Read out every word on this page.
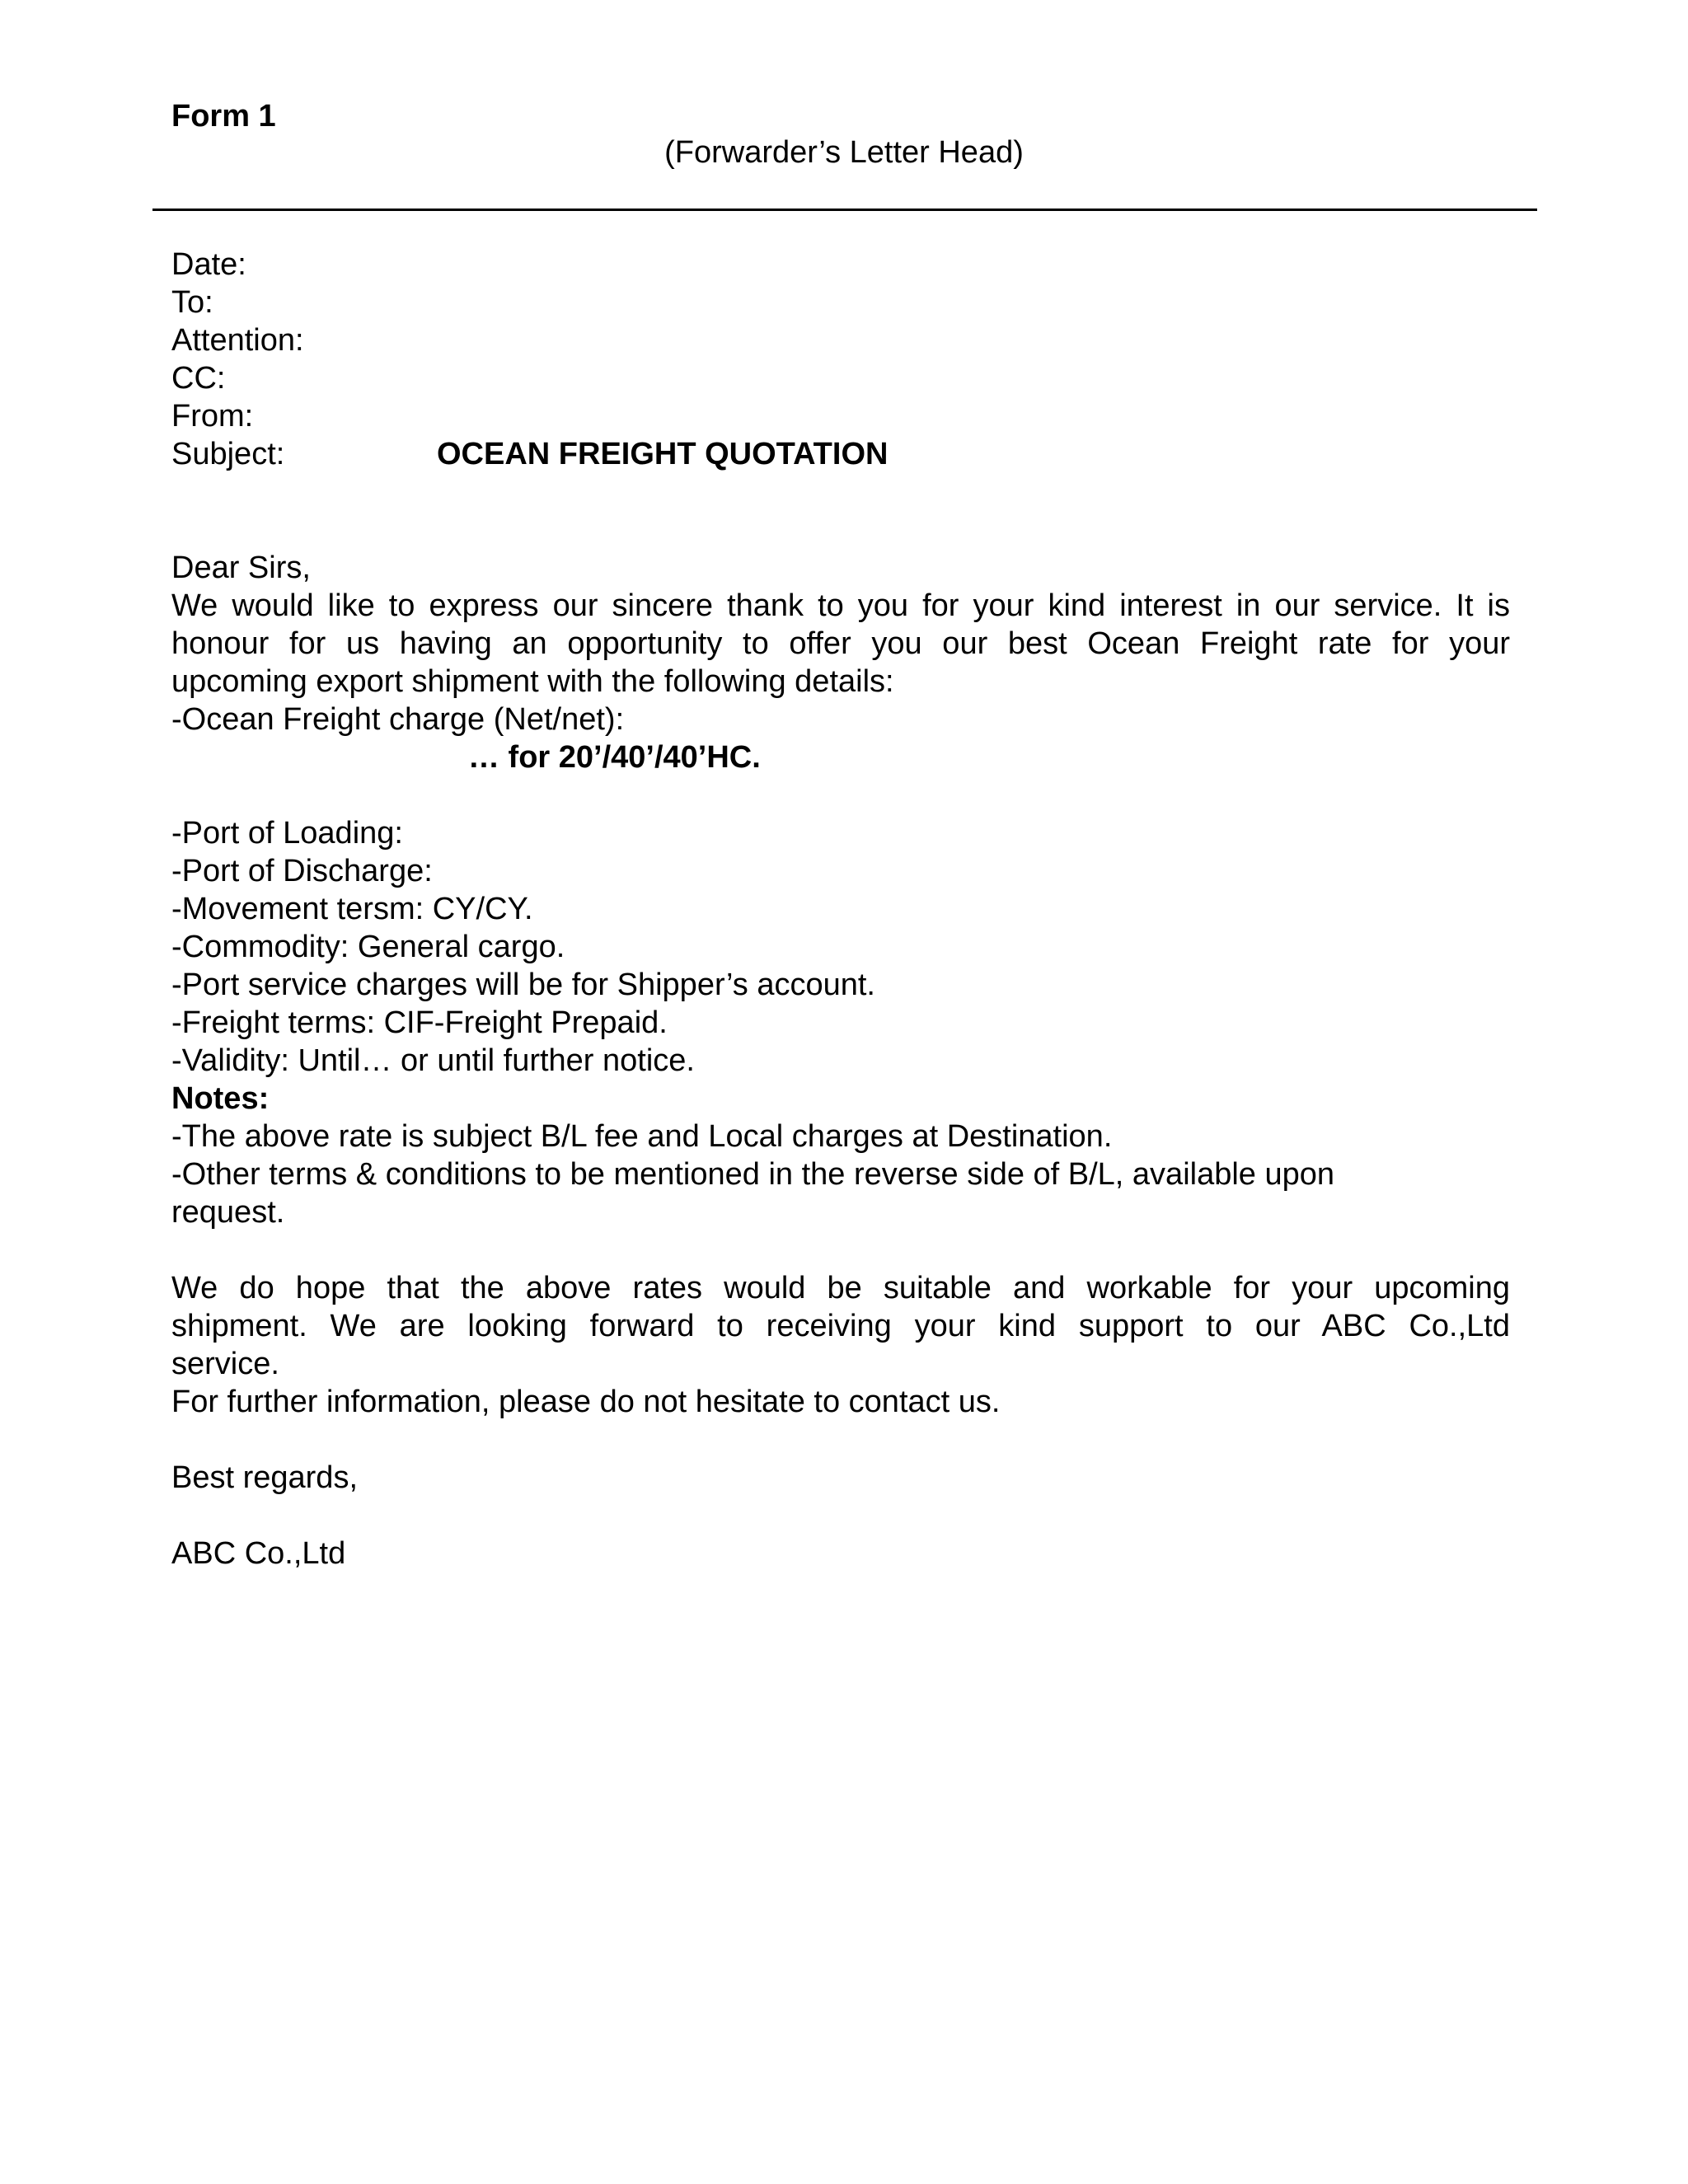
Form 1
(Forwarder’s Letter Head)
Date:
To:
Attention:
CC:
From:
Subject:	OCEAN FREIGHT QUOTATION
Dear Sirs,
We would like to express our sincere thank to you for your kind interest in our service. It is
honour for us having an opportunity to offer you our best Ocean Freight rate for your
upcoming export shipment with the following details:
-Ocean Freight charge (Net/net):
… for 20’/40’/40’HC.
-Port of Loading:
-Port of Discharge:
-Movement tersm: CY/CY.
-Commodity: General cargo.
-Port service charges will be for Shipper’s account.
-Freight terms: CIF-Freight Prepaid.
-Validity: Until… or until further notice.
Notes:
-The above rate is subject B/L fee and Local charges at Destination.
-Other terms & conditions to be mentioned in the reverse side of B/L, available upon
request.
We do hope that the above rates would be suitable and workable for your upcoming
shipment. We are looking forward to receiving your kind support to our ABC Co.,Ltd
service.
For further information, please do not hesitate to contact us.
Best regards,
ABC Co.,Ltd
